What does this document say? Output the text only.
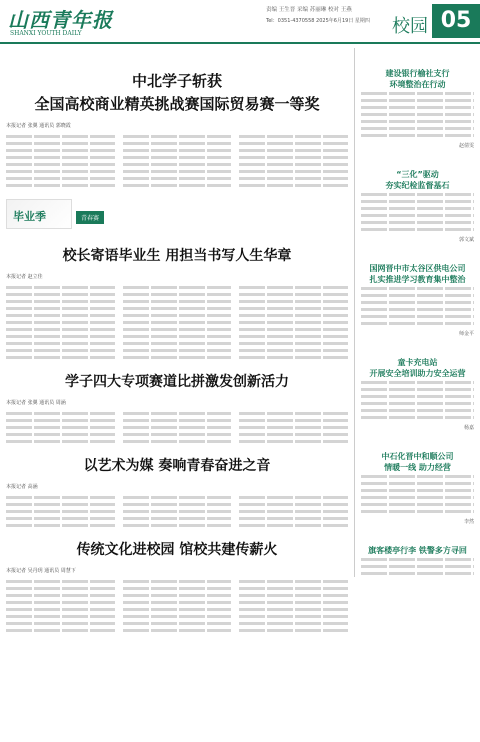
山西青年报
SHANXI YOUTH DAILY
责编 王生晋 采编 苏丽琳 校对 王燕
Tel：0351-4370558 2025年6月19日 星期四 校园 05
中北学子斩获
全国高校商业精英挑战赛国际贸易赛一等奖
本报记者 张翼 通讯员 郭晓霞
毕业季	青春赛
校长寄语毕业生 用担当书写人生华章
本报记者 赵立佳
学子四大专项赛道比拼激发创新活力
本报记者 张翼 通讯员 周涵
以艺术为媒 奏响青春奋进之音
本报记者 高涵
传统文化进校园 馆校共建传薪火
本报记者 吴丹玥 通讯员 周慧下
建设银行榆社支行
环境整治在行动
赵倩雯
“三化”驱动
夯实纪检监督基石
郭文斌
国网晋中市太谷区供电公司
扎实推进学习教育集中整治
师金平
童卡充电站
开展安全培训助力安全运营
杨嘉
中石化晋中和顺公司
情暖一线 助力经营
李然
旗客楼亭行李 铁警多方寻回
